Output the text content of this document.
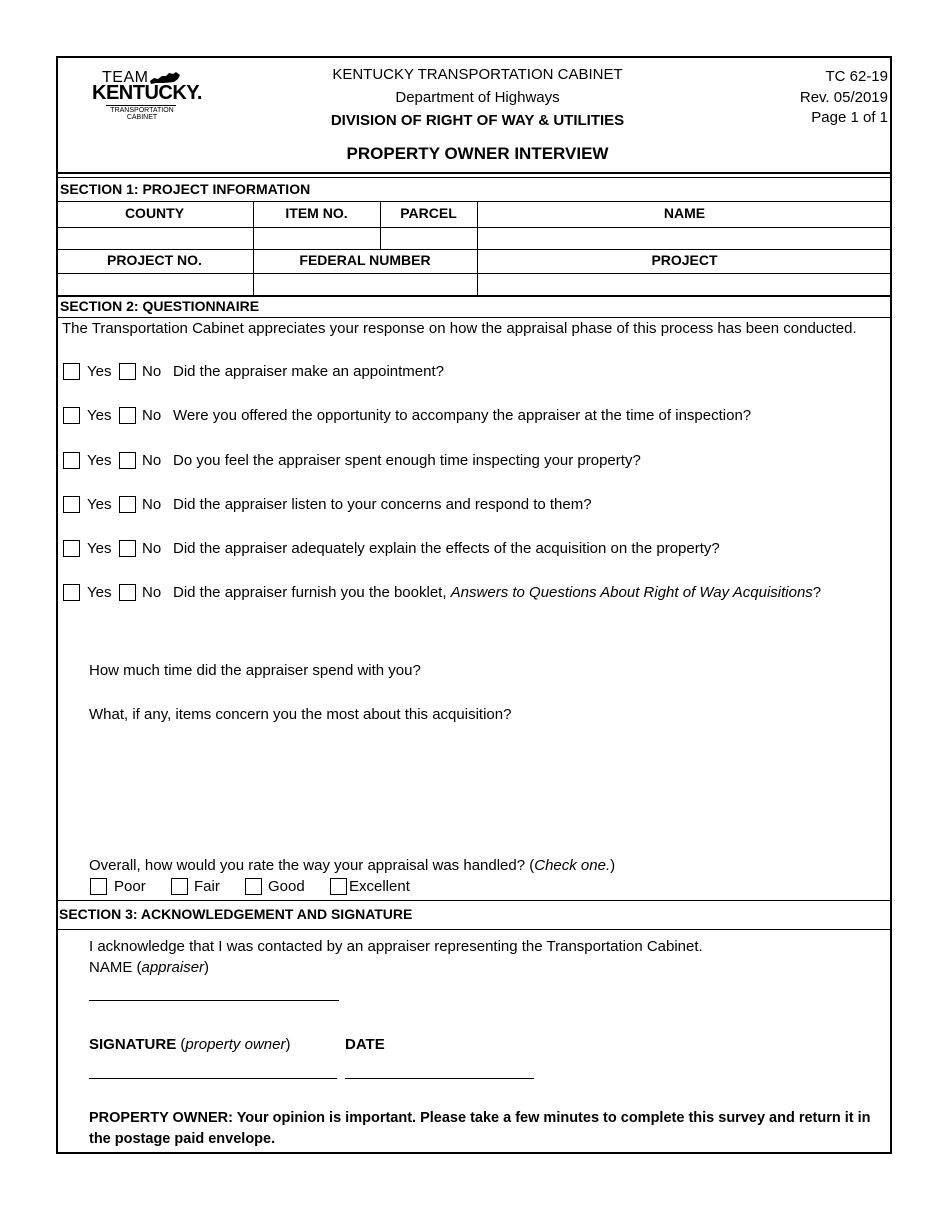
TEAM
KENTUCKY.
TRANSPORTATION
CABINET
KENTUCKY TRANSPORTATION CABINET
Department of Highways
DIVISION OF RIGHT OF WAY & UTILITIES
PROPERTY OWNER INTERVIEW
TC 62-19
Rev. 05/2019
Page 1 of 1
SECTION 1: PROJECT INFORMATION
COUNTY	ITEM NO.	PARCEL	NAME
PROJECT NO.	FEDERAL NUMBER	PROJECT
SECTION 2: QUESTIONNAIRE
The Transportation Cabinet appreciates your response on how the appraisal phase of this process has been conducted.
Yes No Did the appraiser make an appointment?
Yes No Were you offered the opportunity to accompany the appraiser at the time of inspection?
Yes No Do you feel the appraiser spent enough time inspecting your property?
Yes No Did the appraiser listen to your concerns and respond to them?
Yes No Did the appraiser adequately explain the effects of the acquisition on the property?
Yes No Did the appraiser furnish you the booklet, Answers to Questions About Right of Way Acquisitions?
How much time did the appraiser spend with you?
What, if any, items concern you the most about this acquisition?
Overall, how would you rate the way your appraisal was handled? (Check one.)
Poor	Fair	Good	Excellent
SECTION 3: ACKNOWLEDGEMENT AND SIGNATURE
I acknowledge that I was contacted by an appraiser representing the Transportation Cabinet.
NAME (appraiser)
SIGNATURE (property owner)	DATE
PROPERTY OWNER: Your opinion is important. Please take a few minutes to complete this survey and return it in
the postage paid envelope.
